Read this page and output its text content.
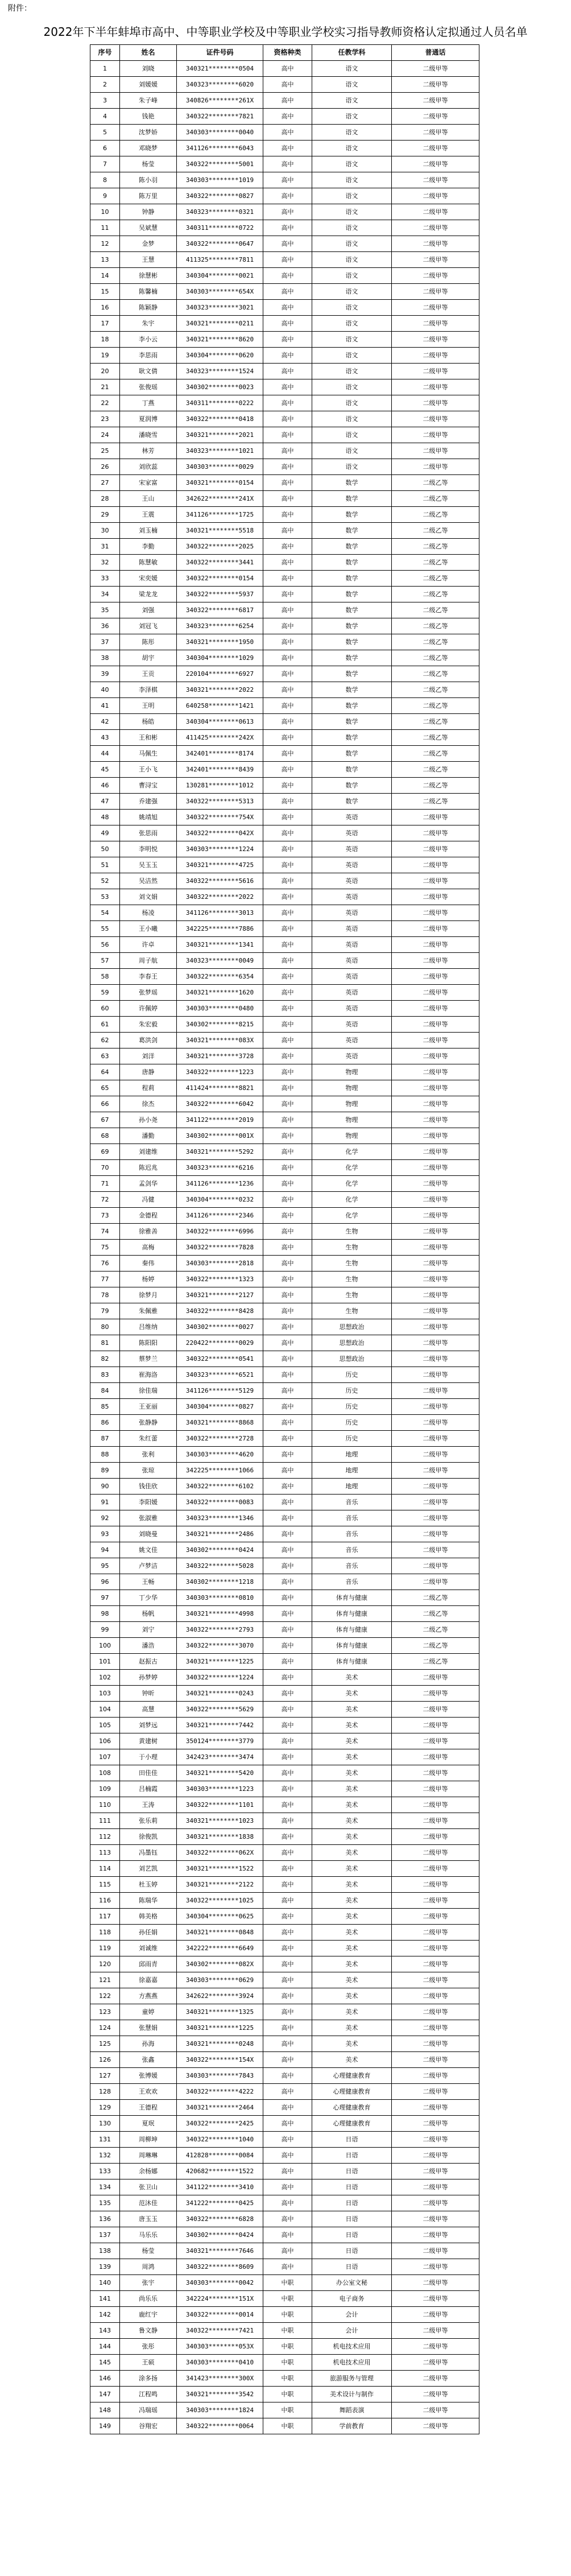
附件：
2022年下半年蚌埠市高中、中等职业学校及中等职业学校实习指导教师资格认定拟通过人员名单
序号	姓名	证件号码	资格种类	任教学科	普通话
1	刘晓	340321********0504	高中	语文	二级甲等
2	刘媛媛	340323********6020	高中	语文	二级甲等
3	朱子峰	340826********261X	高中	语文	二级甲等
4	钱艳	340322********7821	高中	语文	二级甲等
5	沈梦娇	340303********0040	高中	语文	二级甲等
6	邓晓梦	341126********6043	高中	语文	二级甲等
7	杨莹	340322********5001	高中	语文	二级甲等
8	陈小羽	340303********1019	高中	语文	二级甲等
9	陈万里	340322********0827	高中	语文	二级甲等
10	钟静	340323********0321	高中	语文	二级甲等
11	吴斌慧	340311********0722	高中	语文	二级甲等
12	金梦	340322********0647	高中	语文	二级甲等
13	王慧	411325********7811	高中	语文	二级甲等
14	徐慧彬	340304********0021	高中	语文	二级甲等
15	陈馨楠	340303********654X	高中	语文	二级甲等
16	陈颖静	340323********3021	高中	语文	二级甲等
17	朱宇	340321********0211	高中	语文	二级甲等
18	李小云	340321********8620	高中	语文	二级甲等
19	李思雨	340304********0620	高中	语文	二级甲等
20	耿文倩	340323********1524	高中	语文	二级甲等
21	张俊瑶	340302********0023	高中	语文	二级甲等
22	丁燕	340311********0222	高中	语文	二级甲等
23	夏润博	340322********0418	高中	语文	二级甲等
24	潘晓雪	340321********2021	高中	语文	二级甲等
25	林芳	340323********1021	高中	语文	二级甲等
26	刘欣蕊	340303********0029	高中	语文	二级甲等
27	宋家富	340321********0154	高中	数学	二级乙等
28	王山	342622********241X	高中	数学	二级乙等
29	王震	341126********1725	高中	数学	二级乙等
30	刘玉楠	340321********5518	高中	数学	二级乙等
31	李勤	340322********2025	高中	数学	二级乙等
32	陈慧敏	340322********3441	高中	数学	二级乙等
33	宋奕媛	340322********0154	高中	数学	二级乙等
34	梁龙龙	340322********5937	高中	数学	二级乙等
35	刘强	340322********6817	高中	数学	二级乙等
36	刘冠飞	340323********6254	高中	数学	二级乙等
37	陈彤	340321********1950	高中	数学	二级乙等
38	胡宇	340304********1029	高中	数学	二级乙等
39	王贡	220104********6927	高中	数学	二级乙等
40	李泽棋	340321********2022	高中	数学	二级乙等
41	王明	640258********1421	高中	数学	二级乙等
42	杨皓	340304********0613	高中	数学	二级乙等
43	王和彬	411425********242X	高中	数学	二级乙等
44	马佩生	342401********8174	高中	数学	二级乙等
45	王小飞	342401********8439	高中	数学	二级乙等
46	曹浔宝	130281********1012	高中	数学	二级乙等
47	乔建强	340322********5313	高中	数学	二级乙等
48	姚靖旭	340322********754X	高中	英语	二级甲等
49	张思雨	340322********042X	高中	英语	二级甲等
50	李明悦	340303********1224	高中	英语	二级甲等
51	吴玉玉	340321********4725	高中	英语	二级甲等
52	吴洁然	340322********5616	高中	英语	二级甲等
53	刘文娟	340322********2022	高中	英语	二级甲等
54	杨凌	341126********3013	高中	英语	二级甲等
55	王小曦	342225********7886	高中	英语	二级甲等
56	许卓	340321********1341	高中	英语	二级甲等
57	周子航	340323********0049	高中	英语	二级甲等
58	李春王	340322********6354	高中	英语	二级甲等
59	张梦瑶	340321********1620	高中	英语	二级甲等
60	许佩婷	340303********0480	高中	英语	二级甲等
61	朱宏毅	340302********8215	高中	英语	二级甲等
62	葛洪剑	340321********083X	高中	英语	二级甲等
63	刘洋	340321********3728	高中	英语	二级甲等
64	唐静	340322********1223	高中	物理	二级甲等
65	程莉	411424********8821	高中	物理	二级甲等
66	徐杰	340322********6042	高中	物理	二级甲等
67	孙小尧	341122********2019	高中	物理	二级甲等
68	潘勤	340302********001X	高中	物理	二级甲等
69	刘建维	340321********5292	高中	化学	二级甲等
70	陈迟兆	340323********6216	高中	化学	二级甲等
71	孟剑华	341126********1236	高中	化学	二级甲等
72	冯健	340304********0232	高中	化学	二级甲等
73	金德程	341126********2346	高中	化学	二级甲等
74	徐雅善	340322********6996	高中	生物	二级甲等
75	高梅	340322********7828	高中	生物	二级甲等
76	秦伟	340303********2818	高中	生物	二级甲等
77	杨婷	340322********1323	高中	生物	二级甲等
78	徐梦月	340321********2127	高中	生物	二级甲等
79	朱佩雅	340322********8428	高中	生物	二级甲等
80	吕维纳	340302********0027	高中	思想政治	二级甲等
81	陈阳阳	220422********0029	高中	思想政治	二级甲等
82	蔡梦兰	340322********0541	高中	思想政治	二级甲等
83	崔海洛	340323********6521	高中	历史	二级甲等
84	徐佳瑞	341126********5129	高中	历史	二级甲等
85	王亚丽	340304********0827	高中	历史	二级甲等
86	张静静	340321********8868	高中	历史	二级甲等
87	朱红蕾	340322********2728	高中	历史	二级甲等
88	张利	340303********4620	高中	地理	二级甲等
89	张琼	342225********1066	高中	地理	二级甲等
90	钱佳欣	340322********6102	高中	地理	二级甲等
91	李阳媛	340322********0083	高中	音乐	二级甲等
92	张淑雅	340323********1346	高中	音乐	二级甲等
93	刘晓曼	340321********2486	高中	音乐	二级甲等
94	姚文佳	340302********0424	高中	音乐	二级甲等
95	卢梦洁	340322********5028	高中	音乐	二级甲等
96	王畅	340302********1218	高中	音乐	二级甲等
97	丁少华	340303********0810	高中	体育与健康	二级乙等
98	杨帆	340321********4998	高中	体育与健康	二级乙等
99	刘宁	340322********2793	高中	体育与健康	二级乙等
100	潘浩	340322********3070	高中	体育与健康	二级乙等
101	赵振古	340321********1225	高中	体育与健康	二级乙等
102	孙梦婷	340322********1224	高中	美术	二级甲等
103	钟昕	340321********0243	高中	美术	二级甲等
104	高慧	340322********5629	高中	美术	二级甲等
105	刘梦远	340321********7442	高中	美术	二级甲等
106	黄建树	350124********3779	高中	美术	二级甲等
107	于小理	342423********3474	高中	美术	二级甲等
108	田佳佳	340321********5420	高中	美术	二级甲等
109	吕楠霞	340303********1223	高中	美术	二级甲等
110	王涛	340322********1101	高中	美术	二级甲等
111	张乐莉	340321********1023	高中	美术	二级甲等
112	徐俊凯	340321********1838	高中	美术	二级甲等
113	冯墨钰	340322********062X	高中	美术	二级甲等
114	刘艺凯	340321********1522	高中	美术	二级甲等
115	杜玉婷	340321********2122	高中	美术	二级甲等
116	陈瑞华	340322********1025	高中	美术	二级甲等
117	韩美格	340304********0625	高中	美术	二级甲等
118	孙任娟	340321********0848	高中	美术	二级甲等
119	刘诚维	342222********6649	高中	美术	二级甲等
120	邱雨青	340302********082X	高中	美术	二级甲等
121	徐嘉嘉	340303********0629	高中	美术	二级甲等
122	方燕燕	342622********3924	高中	美术	二级甲等
123	童婷	340321********1325	高中	美术	二级甲等
124	张慧娟	340321********1225	高中	美术	二级甲等
125	孙海	340321********0248	高中	美术	二级甲等
126	张鑫	340322********154X	高中	美术	二级甲等
127	张博媛	340303********7843	高中	心理健康教育	二级甲等
128	王欢欢	340322********4222	高中	心理健康教育	二级甲等
129	王德程	340321********2464	高中	心理健康教育	二级甲等
130	夏珉	340322********2425	高中	心理健康教育	二级甲等
131	周柳坤	340322********1040	高中	日语	二级甲等
132	周琳琳	412828********0084	高中	日语	二级甲等
133	余杨娜	420682********1522	高中	日语	二级甲等
134	张卫山	341122********3410	高中	日语	二级甲等
135	范沐佳	341222********0425	高中	日语	二级甲等
136	唐玉玉	340322********6828	高中	日语	二级甲等
137	马乐乐	340302********0424	高中	日语	二级甲等
138	杨莹	340321********7646	高中	日语	二级甲等
139	周鸿	340322********8609	高中	日语	二级甲等
140	张宇	340303********0042	中职	办公室文秘	二级甲等
141	尚乐乐	342224********151X	中职	电子商务	二级甲等
142	鹿红宇	340322********0014	中职	会计	二级甲等
143	鲁文静	340322********7421	中职	会计	二级甲等
144	张彤	340303********053X	中职	机电技术应用	二级甲等
145	王硕	340303********0410	中职	机电技术应用	二级甲等
146	涂多扬	341423********300X	中职	旅游服务与管理	二级甲等
147	江程鸣	340321********3542	中职	美术设计与制作	二级甲等
148	冯瑞瑶	340303********1824	中职	舞蹈表演	二级甲等
149	谷翔宏	340322********0064	中职	学前教育	二级甲等
